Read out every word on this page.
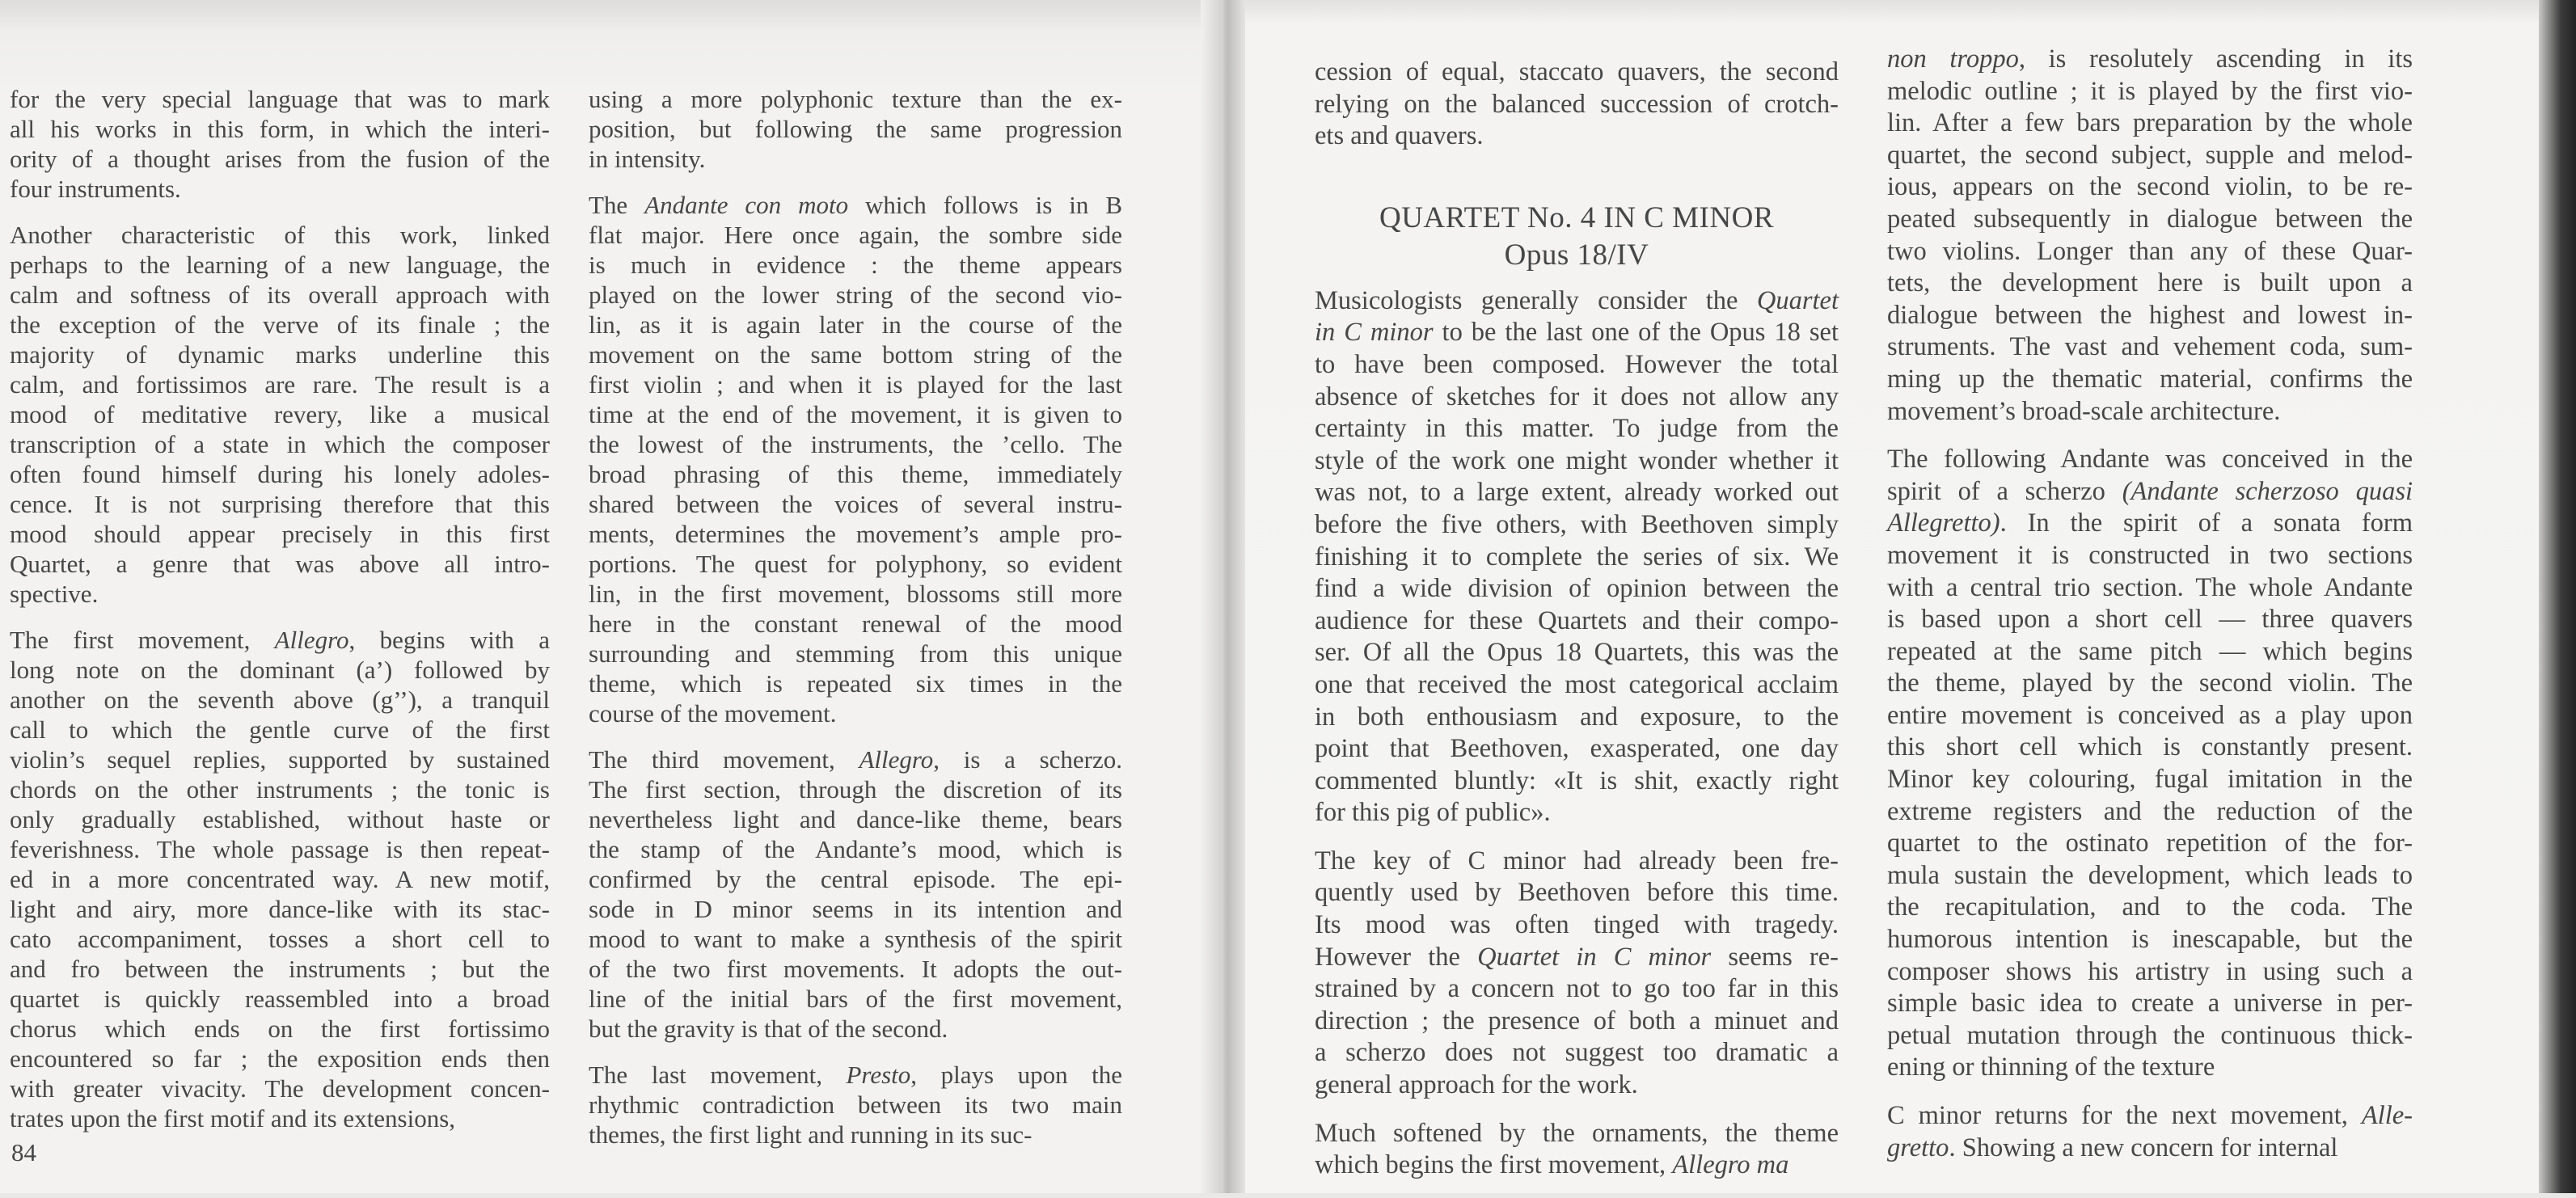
for the very special language that was to mark
all his works in this form, in which the interi-
ority of a thought arises from the fusion of the
four instruments.
Another characteristic of this work, linked
perhaps to the learning of a new language, the
calm and softness of its overall approach with
the exception of the verve of its finale ; the
majority of dynamic marks underline this
calm, and fortissimos are rare. The result is a
mood of meditative revery, like a musical
transcription of a state in which the composer
often found himself during his lonely adoles-
cence. It is not surprising therefore that this
mood should appear precisely in this first
Quartet, a genre that was above all intro-
spective.
The first movement, Allegro, begins with a
long note on the dominant (a’) followed by
another on the seventh above (g’’), a tranquil
call to which the gentle curve of the first
violin’s sequel replies, supported by sustained
chords on the other instruments ; the tonic is
only gradually established, without haste or
feverishness. The whole passage is then repeat-
ed in a more concentrated way. A new motif,
light and airy, more dance-like with its stac-
cato accompaniment, tosses a short cell to
and fro between the instruments ; but the
quartet is quickly reassembled into a broad
chorus which ends on the first fortissimo
encountered so far ; the exposition ends then
with greater vivacity. The development concen-
trates upon the first motif and its extensions,
using a more polyphonic texture than the ex-
position, but following the same progression
in intensity.
The Andante con moto which follows is in B
flat major. Here once again, the sombre side
is much in evidence : the theme appears
played on the lower string of the second vio-
lin, as it is again later in the course of the
movement on the same bottom string of the
first violin ; and when it is played for the last
time at the end of the movement, it is given to
the lowest of the instruments, the ’cello. The
broad phrasing of this theme, immediately
shared between the voices of several instru-
ments, determines the movement’s ample pro-
portions. The quest for polyphony, so evident
lin, in the first movement, blossoms still more
here in the constant renewal of the mood
surrounding and stemming from this unique
theme, which is repeated six times in the
course of the movement.
The third movement, Allegro, is a scherzo.
The first section, through the discretion of its
nevertheless light and dance-like theme, bears
the stamp of the Andante’s mood, which is
confirmed by the central episode. The epi-
sode in D minor seems in its intention and
mood to want to make a synthesis of the spirit
of the two first movements. It adopts the out-
line of the initial bars of the first movement,
but the gravity is that of the second.
The last movement, Presto, plays upon the
rhythmic contradiction between its two main
themes, the first light and running in its suc-
84
cession of equal, staccato quavers, the second
relying on the balanced succession of crotch-
ets and quavers.
QUARTET No. 4 IN C MINOR
Opus 18/IV
Musicologists generally consider the Quartet
in C minor to be the last one of the Opus 18 set
to have been composed. However the total
absence of sketches for it does not allow any
certainty in this matter. To judge from the
style of the work one might wonder whether it
was not, to a large extent, already worked out
before the five others, with Beethoven simply
finishing it to complete the series of six. We
find a wide division of opinion between the
audience for these Quartets and their compo-
ser. Of all the Opus 18 Quartets, this was the
one that received the most categorical acclaim
in both enthousiasm and exposure, to the
point that Beethoven, exasperated, one day
commented bluntly: «It is shit, exactly right
for this pig of public».
The key of C minor had already been fre-
quently used by Beethoven before this time.
Its mood was often tinged with tragedy.
However the Quartet in C minor seems re-
strained by a concern not to go too far in this
direction ; the presence of both a minuet and
a scherzo does not suggest too dramatic a
general approach for the work.
Much softened by the ornaments, the theme
which begins the first movement, Allegro ma
non troppo, is resolutely ascending in its
melodic outline ; it is played by the first vio-
lin. After a few bars preparation by the whole
quartet, the second subject, supple and melod-
ious, appears on the second violin, to be re-
peated subsequently in dialogue between the
two violins. Longer than any of these Quar-
tets, the development here is built upon a
dialogue between the highest and lowest in-
struments. The vast and vehement coda, sum-
ming up the thematic material, confirms the
movement’s broad-scale architecture.
The following Andante was conceived in the
spirit of a scherzo (Andante scherzoso quasi
Allegretto). In the spirit of a sonata form
movement it is constructed in two sections
with a central trio section. The whole Andante
is based upon a short cell — three quavers
repeated at the same pitch — which begins
the theme, played by the second violin. The
entire movement is conceived as a play upon
this short cell which is constantly present.
Minor key colouring, fugal imitation in the
extreme registers and the reduction of the
quartet to the ostinato repetition of the for-
mula sustain the development, which leads to
the recapitulation, and to the coda. The
humorous intention is inescapable, but the
composer shows his artistry in using such a
simple basic idea to create a universe in per-
petual mutation through the continuous thick-
ening or thinning of the texture
C minor returns for the next movement, Alle-
gretto. Showing a new concern for internal
